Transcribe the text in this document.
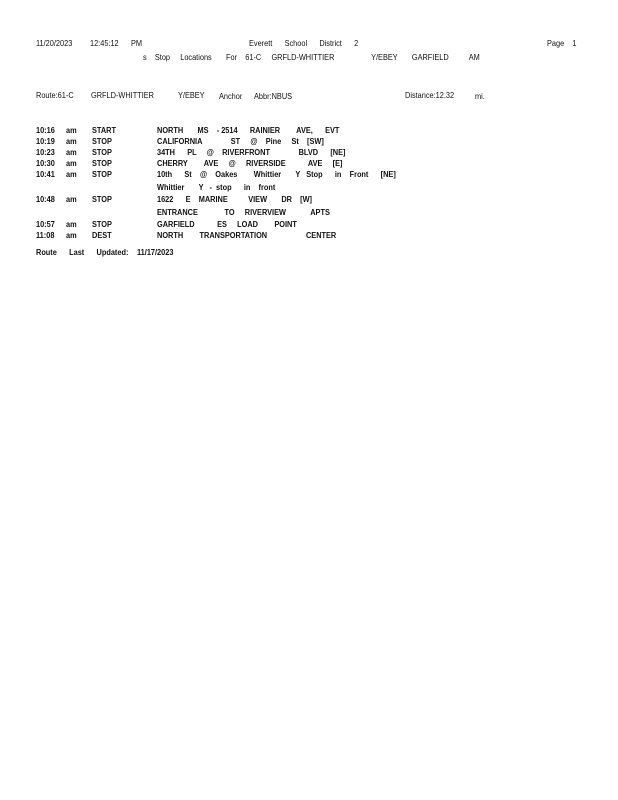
11/20/2023 12:45:12 PM	Everett      School      District      2	Page    1
s    Stop     Locations       For    61-C     GRFLD-WHITTIER                  Y/EBEY       GARFIELD          AM
Route:61-C GRFLD-WHITTIER	Y/EBEY Anchor Abbr:NBUS	Distance:12.32	mi.
10:16 am START	NORTH       MS    - 2514      RAINIER        AVE,      EVT
10:19 am STOP	CALIFORNIA              ST     @    Pine     St    [SW]
10:23 am STOP	34TH      PL     @    RIVERFRONT              BLVD      [NE]
10:30 am STOP	CHERRY        AVE     @     RIVERSIDE           AVE     [E]
10:41 am STOP	10th      St    @    Oakes        Whittier       Y   Stop      in    Front      [NE]
Whittier       Y   -  stop      in    front
10:48 am STOP	1622      E    MARINE          VIEW       DR    [W]
ENTRANCE             TO     RIVERVIEW            APTS
10:57 am STOP	GARFIELD           ES     LOAD        POINT
11:08 am DEST	NORTH        TRANSPORTATION                   CENTER
Route      Last      Updated: 11/17/2023
